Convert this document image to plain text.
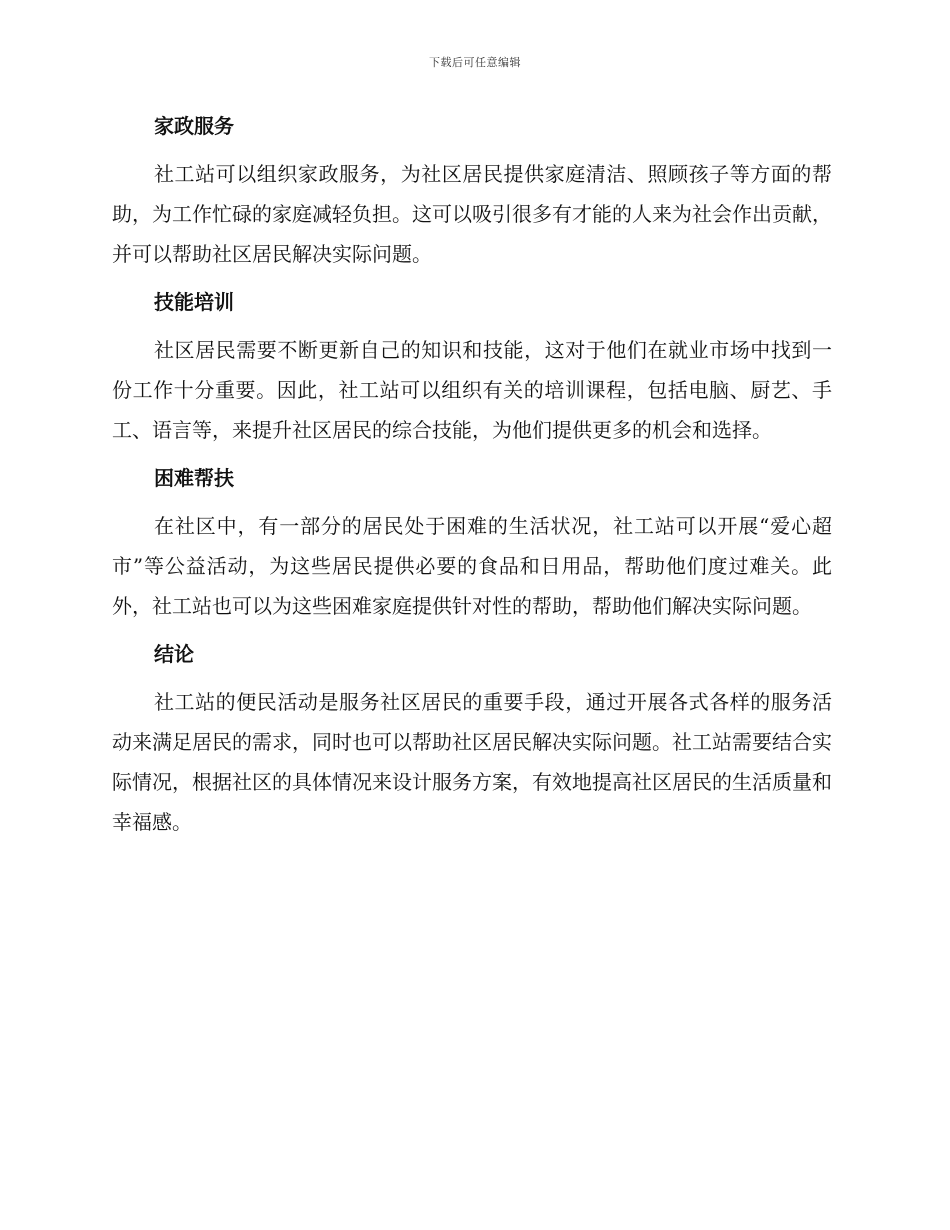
下载后可任意编辑
家政服务

社工站可以组织家政服务，为社区居民提供家庭清洁、照顾孩子等方面的帮助，为工作忙碌的家庭减轻负担。这可以吸引很多有才能的人来为社会作出贡献，并可以帮助社区居民解决实际问题。

技能培训

社区居民需要不断更新自己的知识和技能，这对于他们在就业市场中找到一份工作十分重要。因此，社工站可以组织有关的培训课程，包括电脑、厨艺、手工、语言等，来提升社区居民的综合技能，为他们提供更多的机会和选择。

困难帮扶

在社区中，有一部分的居民处于困难的生活状况，社工站可以开展“爱心超市”等公益活动，为这些居民提供必要的食品和日用品，帮助他们度过难关。此外，社工站也可以为这些困难家庭提供针对性的帮助，帮助他们解决实际问题。

结论

社工站的便民活动是服务社区居民的重要手段，通过开展各式各样的服务活动来满足居民的需求，同时也可以帮助社区居民解决实际问题。社工站需要结合实际情况，根据社区的具体情况来设计服务方案，有效地提高社区居民的生活质量和幸福感。
